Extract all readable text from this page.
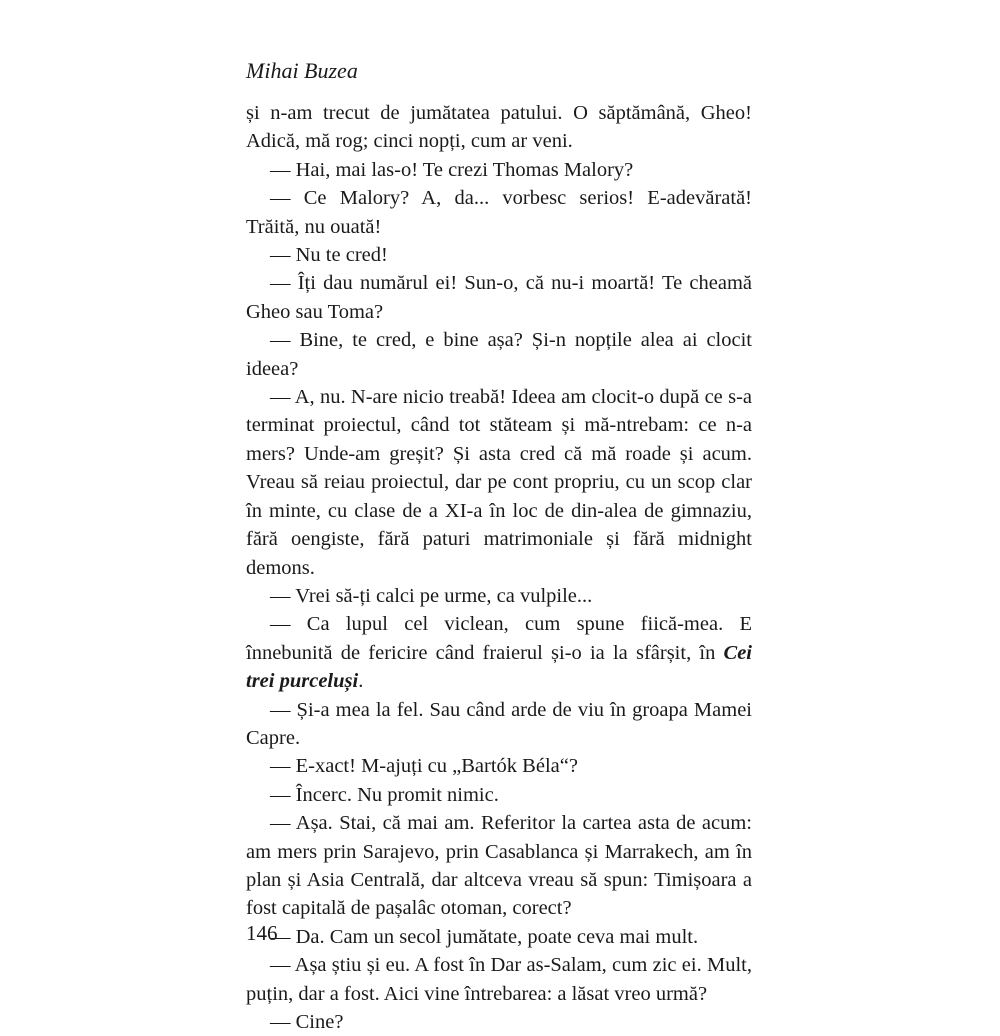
Mihai Buzea

și n-am trecut de jumătatea patului. O săptămână, Gheo! Adică, mă rog; cinci nopți, cum ar veni.

— Hai, mai las-o! Te crezi Thomas Malory?

— Ce Malory? A, da... vorbesc serios! E-adevărată! Trăită, nu ouată!

— Nu te cred!

— Îți dau numărul ei! Sun-o, că nu-i moartă! Te cheamă Gheo sau Toma?

— Bine, te cred, e bine așa? Și-n nopțile alea ai clocit ideea?

— A, nu. N-are nicio treabă! Ideea am clocit-o după ce s-a terminat proiectul, când tot stăteam și mă-ntrebam: ce n-a mers? Unde-am greșit? Și asta cred că mă roade și acum. Vreau să reiau proiectul, dar pe cont propriu, cu un scop clar în minte, cu clase de a XI-a în loc de din-alea de gimnaziu, fără oengiste, fără paturi matrimoniale și fără midnight demons.

— Vrei să-ți calci pe urme, ca vulpile...

— Ca lupul cel viclean, cum spune fiică-mea. E înnebunită de fericire când fraierul și-o ia la sfârșit, în Cei trei purceluși.

— Și-a mea la fel. Sau când arde de viu în groapa Mamei Capre.

— E-xact! M-ajuți cu „Bartók Béla“?

— Încerc. Nu promit nimic.

— Așa. Stai, că mai am. Referitor la cartea asta de acum: am mers prin Sarajevo, prin Casablanca și Marrakech, am în plan și Asia Centrală, dar altceva vreau să spun: Timișoara a fost capitală de pașalâc otoman, corect?

— Da. Cam un secol jumătate, poate ceva mai mult.

— Așa știu și eu. A fost în Dar as-Salam, cum zic ei. Mult, puțin, dar a fost. Aici vine întrebarea: a lăsat vreo urmă?

— Cine?

146
